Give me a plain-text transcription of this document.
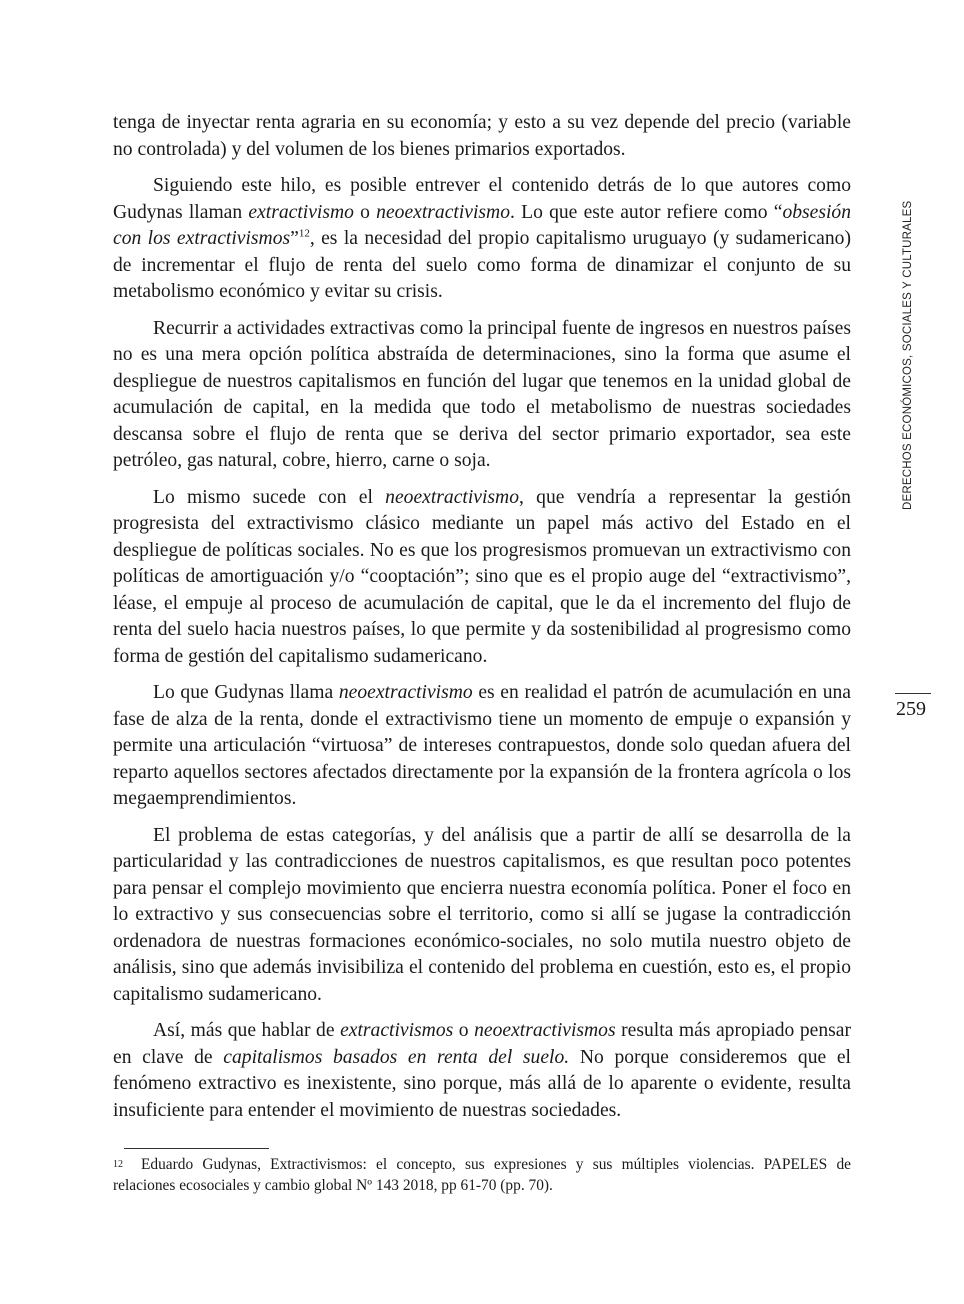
DERECHOS ECONÓMICOS, SOCIALES Y CULTURALES
259

tenga de inyectar renta agraria en su economía; y esto a su vez depende del precio (variable no controlada) y del volumen de los bienes primarios exportados.

Siguiendo este hilo, es posible entrever el contenido detrás de lo que autores como Gudynas llaman extractivismo o neoextractivismo. Lo que este autor refiere como “obsesión con los extractivismos”$^{12}$, es la necesidad del propio capitalismo uruguayo (y sudamericano) de incrementar el flujo de renta del suelo como forma de dinamizar el conjunto de su metabolismo económico y evitar su crisis.

Recurrir a actividades extractivas como la principal fuente de ingresos en nuestros países no es una mera opción política abstraída de determinaciones, sino la forma que asume el despliegue de nuestros capitalismos en función del lugar que tenemos en la unidad global de acumulación de capital, en la medida que todo el metabolismo de nuestras sociedades descansa sobre el flujo de renta que se deriva del sector primario exportador, sea este petróleo, gas natural, cobre, hierro, carne o soja.

Lo mismo sucede con el neoextractivismo, que vendría a representar la gestión progresista del extractivismo clásico mediante un papel más activo del Estado en el despliegue de políticas sociales. No es que los progresismos promuevan un extractivismo con políticas de amortiguación y/o “cooptación”; sino que es el propio auge del “extractivismo”, léase, el empuje al proceso de acumulación de capital, que le da el incremento del flujo de renta del suelo hacia nuestros países, lo que permite y da sostenibilidad al progresismo como forma de gestión del capitalismo sudamericano.

Lo que Gudynas llama neoextractivismo es en realidad el patrón de acumulación en una fase de alza de la renta, donde el extractivismo tiene un momento de empuje o expansión y permite una articulación “virtuosa” de intereses contrapuestos, donde solo quedan afuera del reparto aquellos sectores afectados directamente por la expansión de la frontera agrícola o los megaemprendimientos.

El problema de estas categorías, y del análisis que a partir de allí se desarrolla de la particularidad y las contradicciones de nuestros capitalismos, es que resultan poco potentes para pensar el complejo movimiento que encierra nuestra economía política. Poner el foco en lo extractivo y sus consecuencias sobre el territorio, como si allí se jugase la contradicción ordenadora de nuestras formaciones económico-sociales, no solo mutila nuestro objeto de análisis, sino que además invisibiliza el contenido del problema en cuestión, esto es, el propio capitalismo sudamericano.

Así, más que hablar de extractivismos o neoextractivismos resulta más apropiado pensar en clave de capitalismos basados en renta del suelo. No porque consideremos que el fenómeno extractivo es inexistente, sino porque, más allá de lo aparente o evidente, resulta insuficiente para entender el movimiento de nuestras sociedades.

12 Eduardo Gudynas, Extractivismos: el concepto, sus expresiones y sus múltiples violencias. PAPELES de relaciones ecosociales y cambio global Nº 143 2018, pp 61-70 (pp. 70).
